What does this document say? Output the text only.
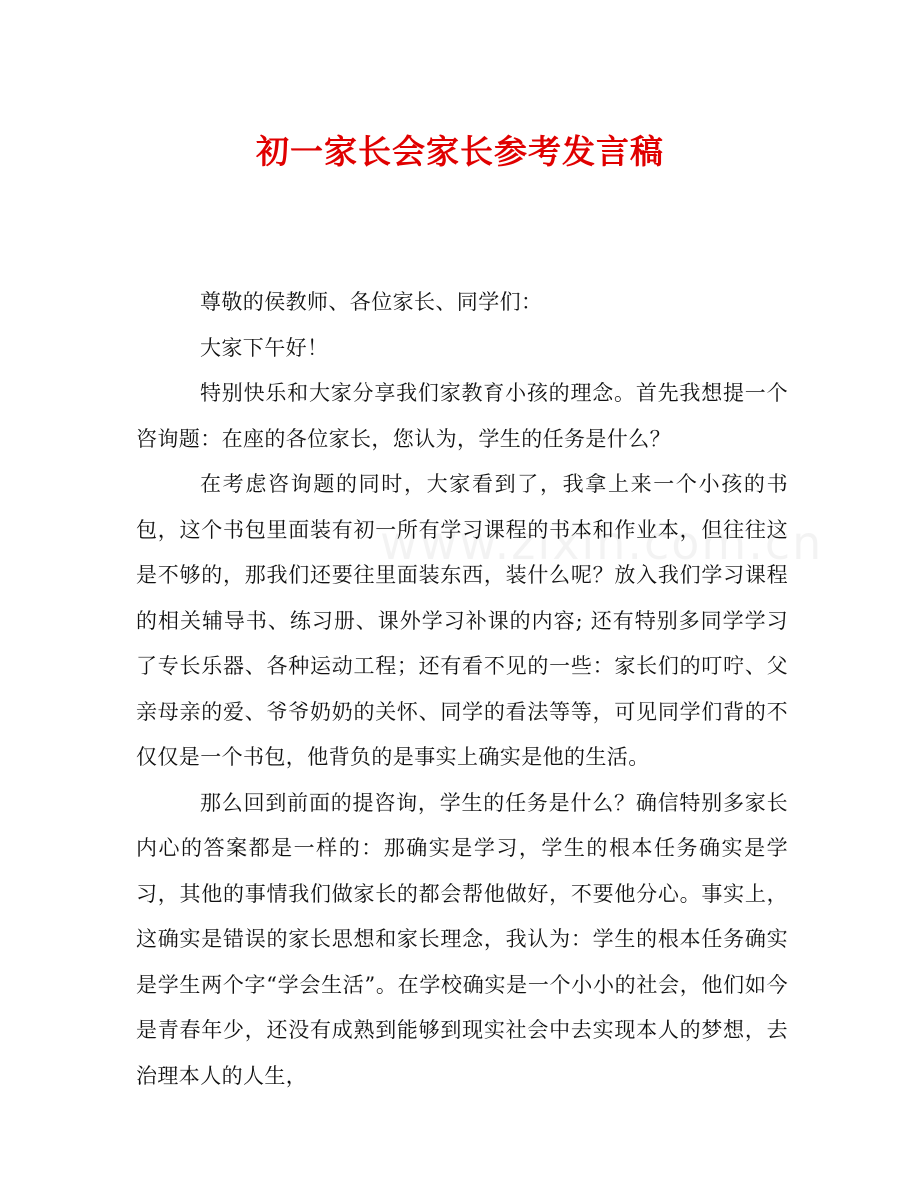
初一家长会家长参考发言稿

尊敬的侯教师、各位家长、同学们：

大家下午好！

特别快乐和大家分享我们家教育小孩的理念。首先我想提一个咨询题：在座的各位家长，您认为，学生的任务是什么？

在考虑咨询题的同时，大家看到了，我拿上来一个小孩的书包，这个书包里面装有初一所有学习课程的书本和作业本，但往往这是不够的，那我们还要往里面装东西，装什么呢？放入我们学习课程的相关辅导书、练习册、课外学习补课的内容; 还有特别多同学学习了专长乐器、各种运动工程；还有看不见的一些：家长们的叮咛、父亲母亲的爱、爷爷奶奶的关怀、同学的看法等等，可见同学们背的不仅仅是一个书包，他背负的是事实上确实是他的生活。

那么回到前面的提咨询，学生的任务是什么？确信特别多家长内心的答案都是一样的：那确实是学习，学生的根本任务确实是学习，其他的事情我们做家长的都会帮他做好，不要他分心。事实上，这确实是错误的家长思想和家长理念，我认为：学生的根本任务确实是学生两个字“学会生活”。在学校确实是一个小小的社会，他们如今是青春年少，还没有成熟到能够到现实社会中去实现本人的梦想，去治理本人的人生，
